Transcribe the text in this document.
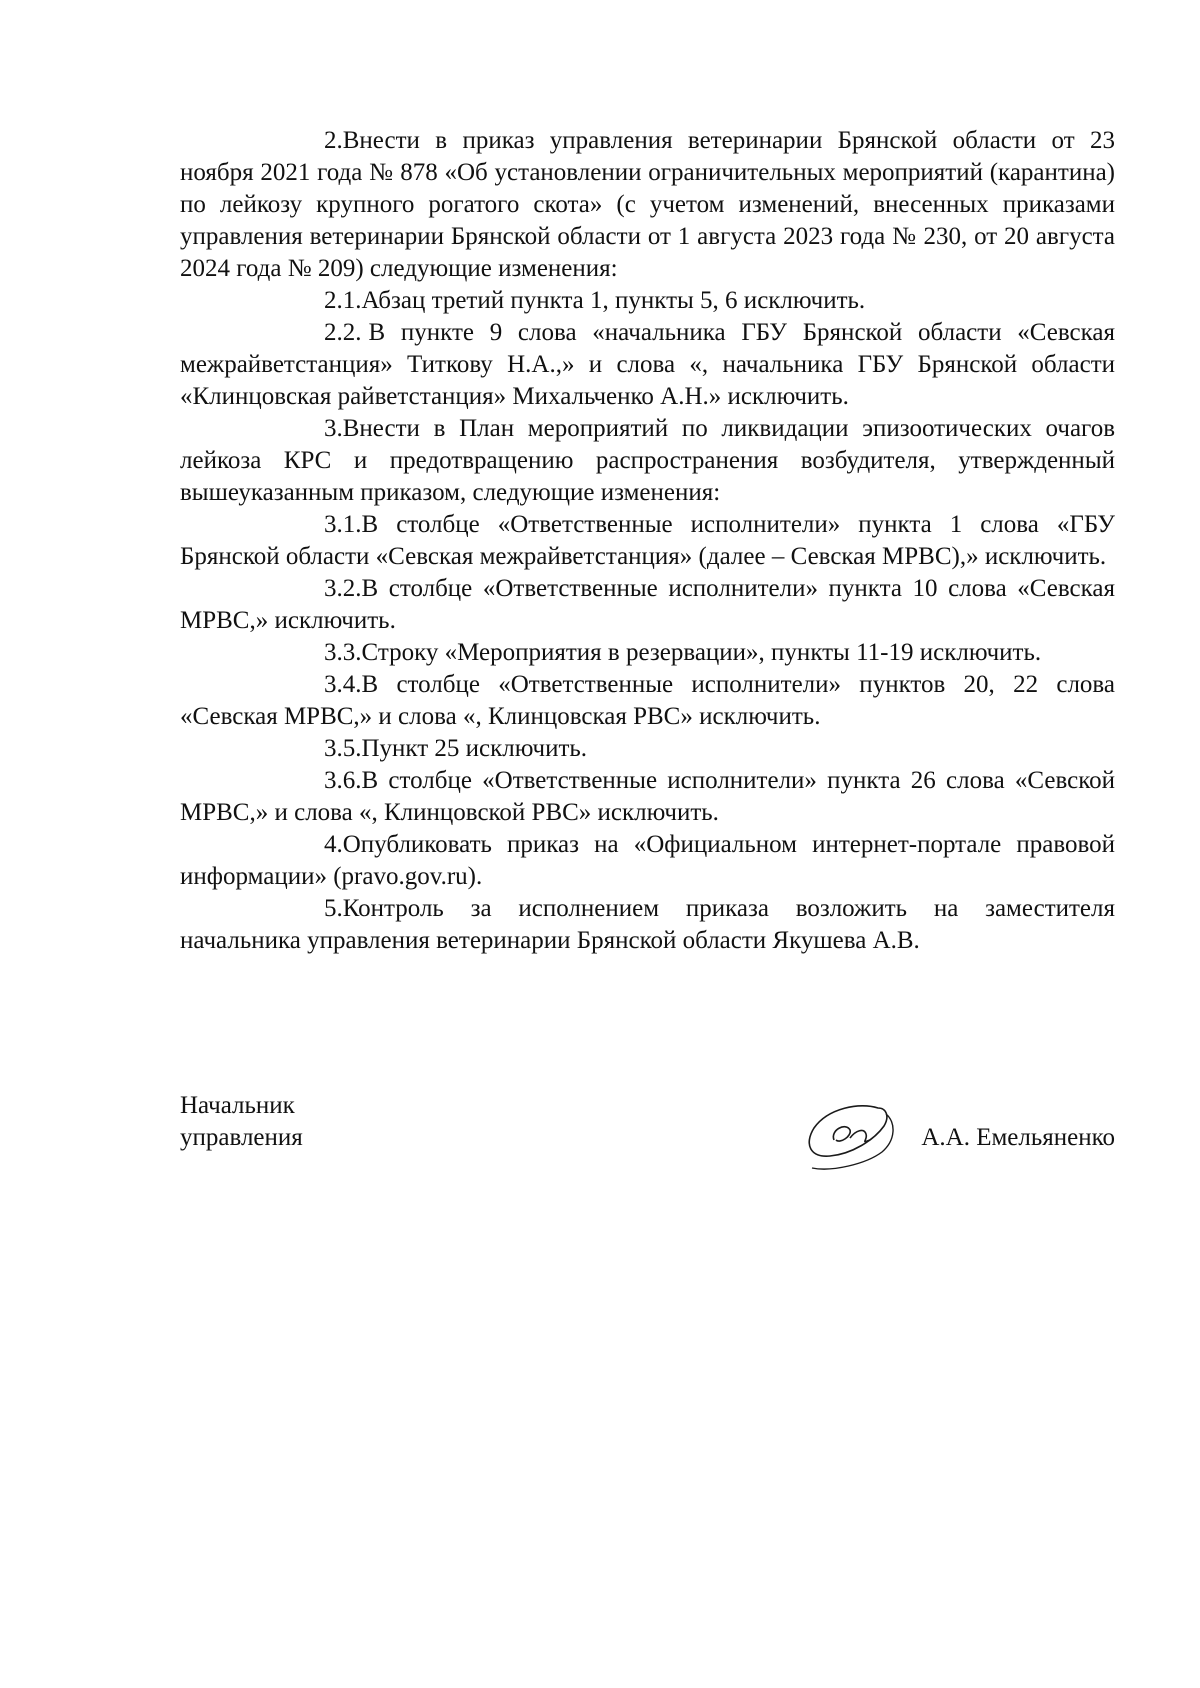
2.Внести в приказ управления ветеринарии Брянской области от 23 ноября 2021 года № 878 «Об установлении ограничительных мероприятий (карантина) по лейкозу крупного рогатого скота» (с учетом изменений, внесенных приказами управления ветеринарии Брянской области от 1 августа 2023 года № 230, от 20 августа 2024 года № 209) следующие изменения:

2.1.Абзац третий пункта 1, пункты 5, 6 исключить.

2.2. В пункте 9 слова «начальника ГБУ Брянской области «Севская межрайветстанция» Титкову Н.А.,» и слова «, начальника ГБУ Брянской области «Клинцовская райветстанция» Михальченко А.Н.» исключить.

3.Внести в План мероприятий по ликвидации эпизоотических очагов лейкоза КРС и предотвращению распространения возбудителя, утвержденный вышеуказанным приказом, следующие изменения:

3.1.В столбце «Ответственные исполнители» пункта 1 слова «ГБУ Брянской области «Севская межрайветстанция» (далее – Севская МРВС),» исключить.

3.2.В столбце «Ответственные исполнители» пункта 10 слова «Севская МРВС,» исключить.

3.3.Строку «Мероприятия в резервации», пункты 11-19 исключить.

3.4.В столбце «Ответственные исполнители» пунктов 20, 22 слова «Севская МРВС,» и слова «, Клинцовская РВС» исключить.

3.5.Пункт 25 исключить.

3.6.В столбце «Ответственные исполнители» пункта 26 слова «Севской МРВС,» и слова «, Клинцовской РВС» исключить.

4.Опубликовать приказ на «Официальном интернет-портале правовой информации» (pravo.gov.ru).

5.Контроль за исполнением приказа возложить на заместителя начальника управления ветеринарии Брянской области Якушева А.В.

Начальник
управления	А.А. Емельяненко
